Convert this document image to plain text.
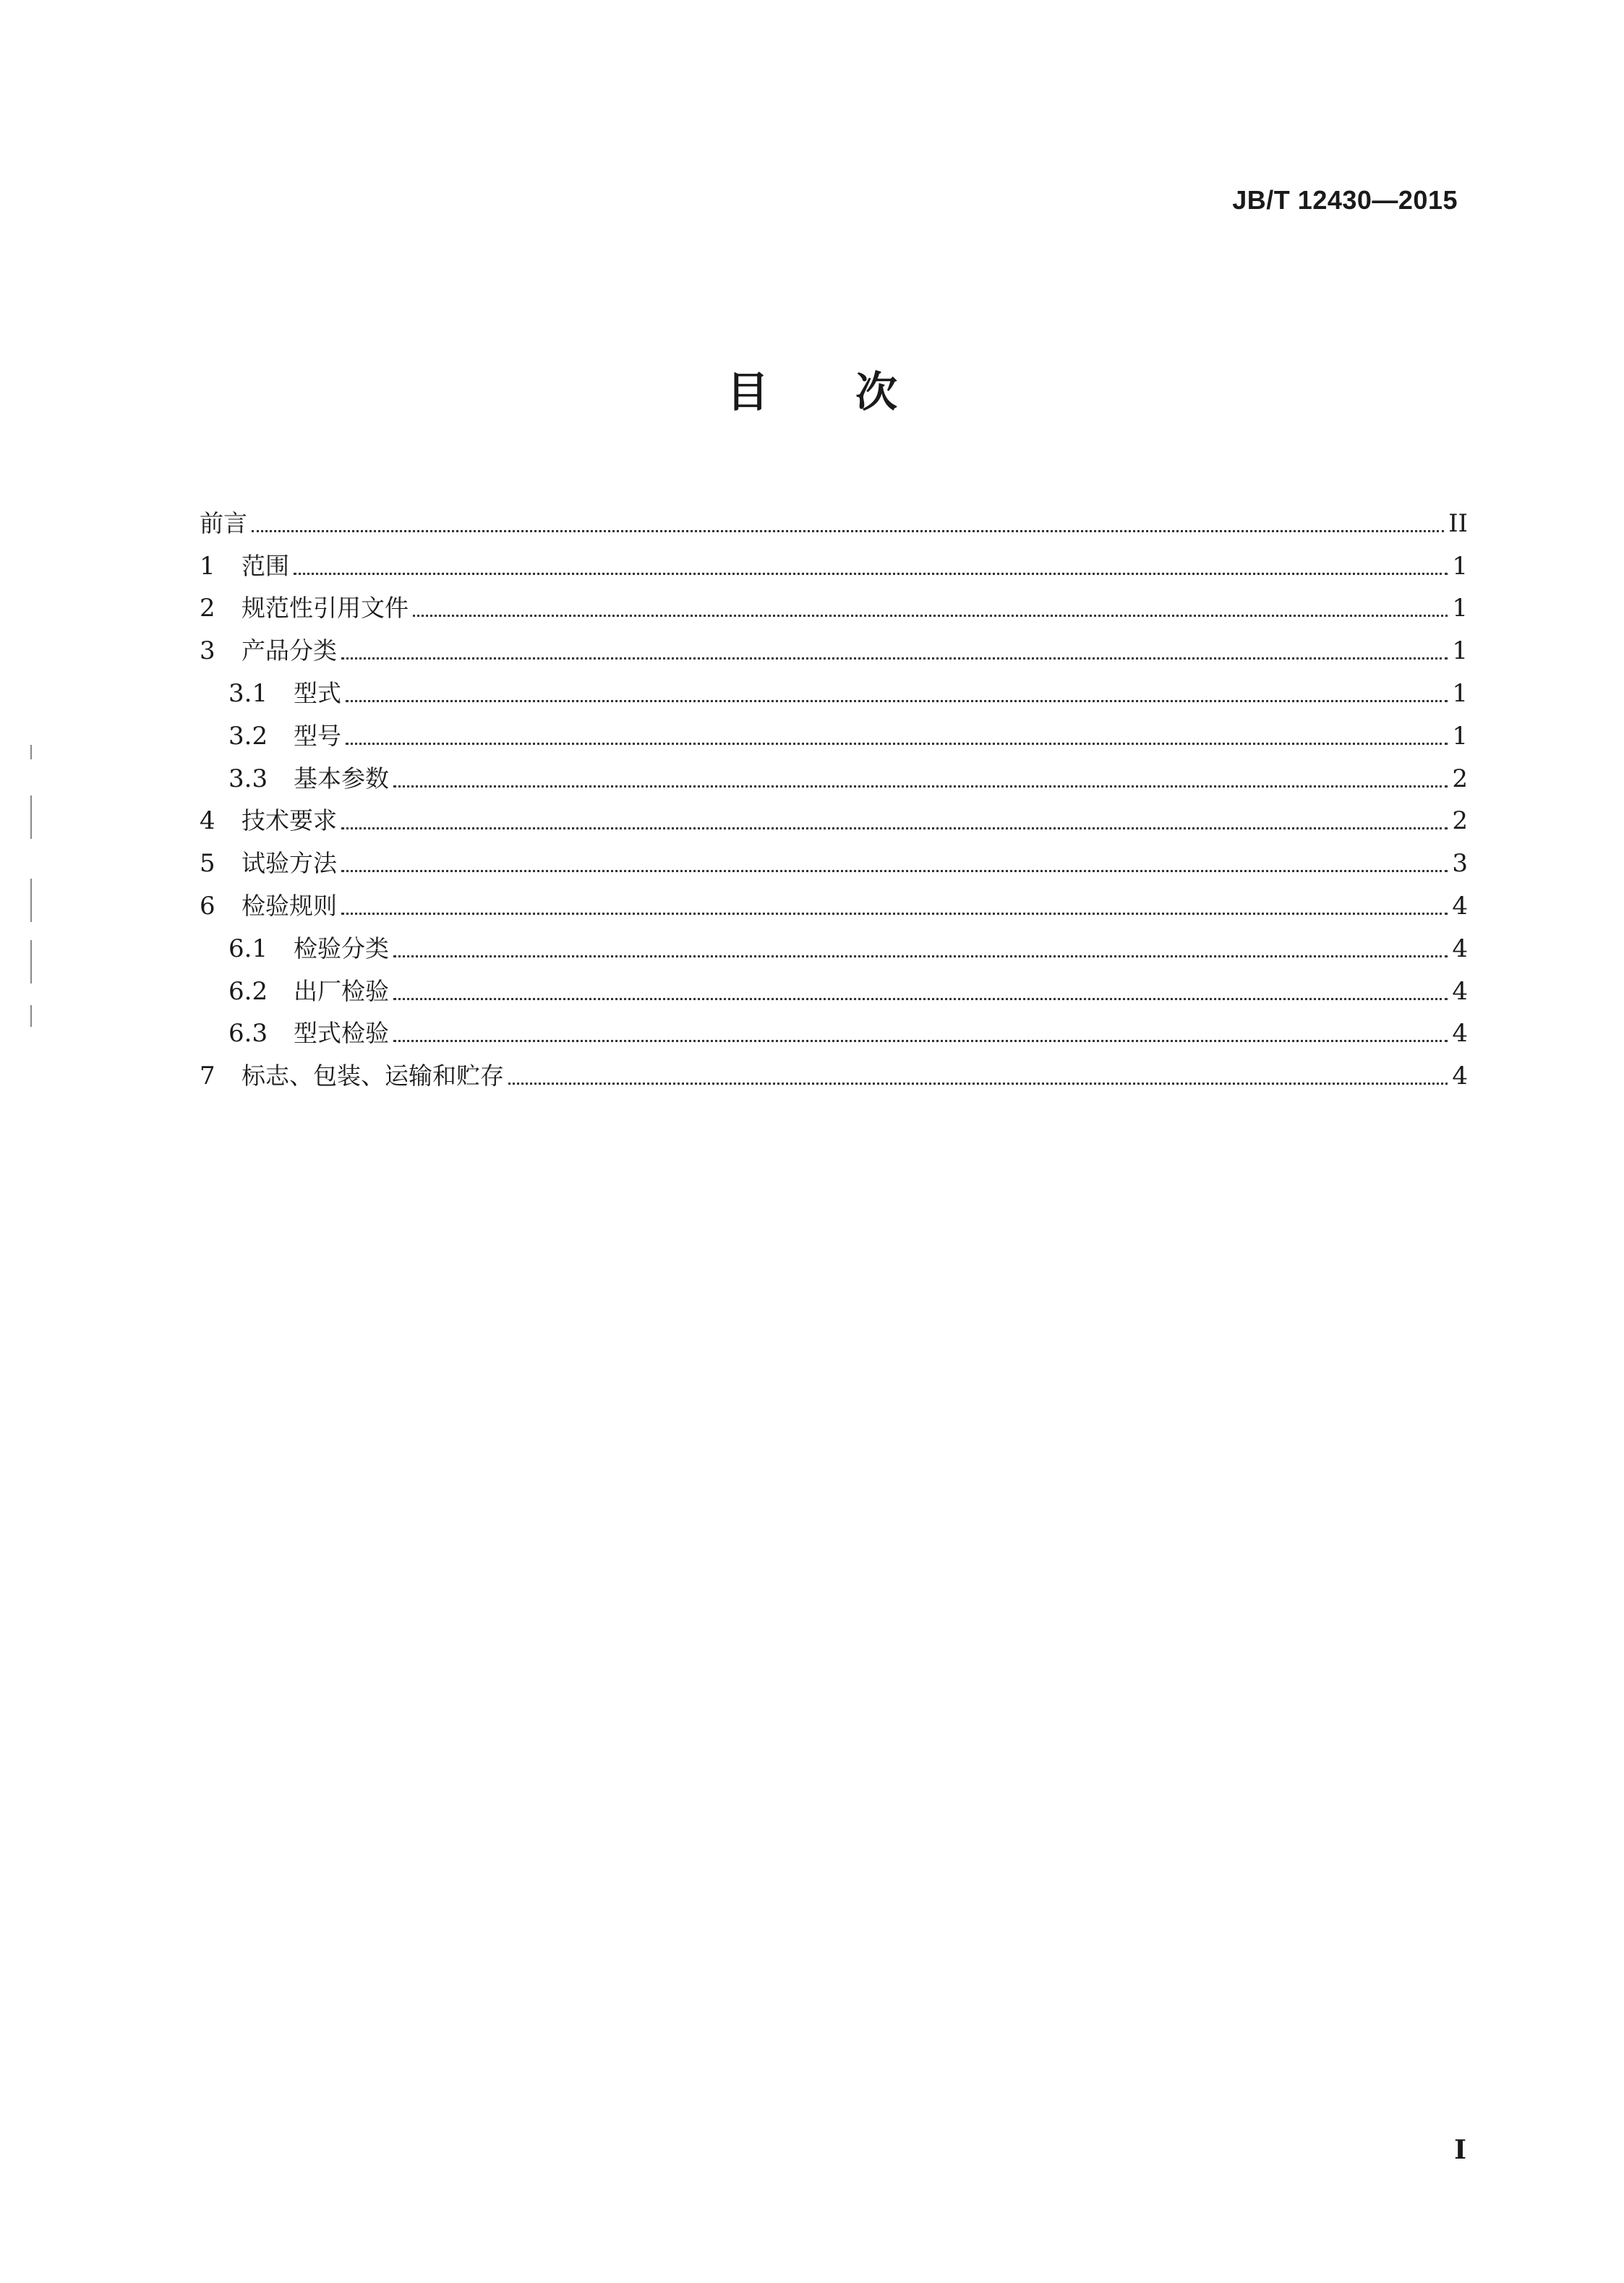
JB/T 12430—2015
目次
前言	II
1	范围	1
2	规范性引用文件	1
3	产品分类	1
3.1	型式	1
3.2	型号	1
3.3	基本参数	2
4	技术要求	2
5	试验方法	3
6	检验规则	4
6.1	检验分类	4
6.2	出厂检验	4
6.3	型式检验	4
7	标志、包装、运输和贮存	4
I
